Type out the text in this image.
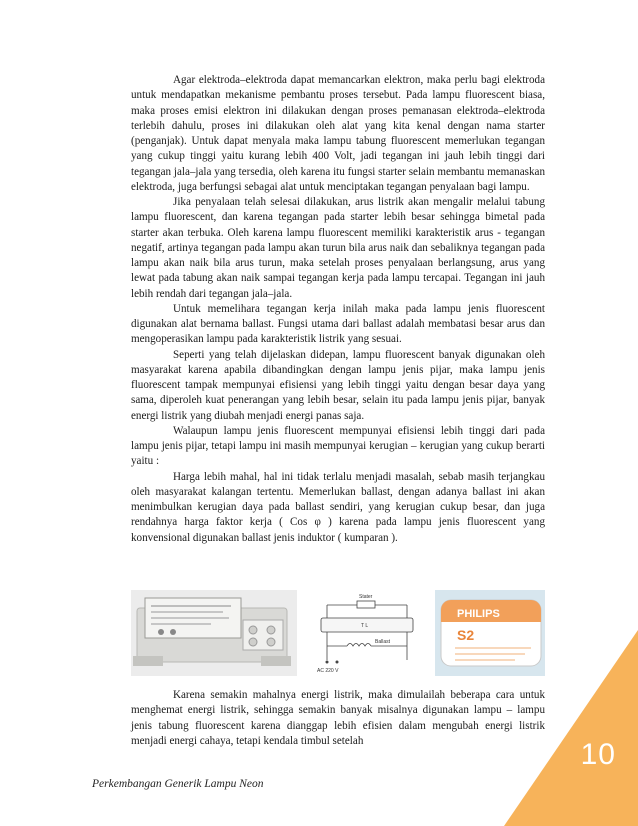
Agar elektroda–elektroda dapat memancarkan elektron, maka perlu bagi elektroda untuk mendapatkan mekanisme pembantu proses tersebut. Pada lampu fluorescent biasa, maka proses emisi elektron ini dilakukan dengan proses pemanasan elektroda–elektroda terlebih dahulu, proses ini dilakukan oleh alat yang kita kenal dengan nama starter (penganjak). Untuk dapat menyala maka lampu tabung fluorescent memerlukan tegangan yang cukup tinggi yaitu kurang lebih 400 Volt, jadi tegangan ini jauh lebih tinggi dari tegangan jala–jala yang tersedia, oleh karena itu fungsi starter selain membantu memanaskan elektroda, juga berfungsi sebagai alat untuk menciptakan tegangan penyalaan bagi lampu.

Jika penyalaan telah selesai dilakukan, arus listrik akan mengalir melalui tabung lampu fluorescent, dan karena tegangan pada starter lebih besar sehingga bimetal pada starter akan terbuka. Oleh karena lampu fluorescent memiliki karakteristik arus - tegangan negatif, artinya tegangan pada lampu akan turun bila arus naik dan sebaliknya tegangan pada lampu akan naik bila arus turun, maka setelah proses penyalaan berlangsung, arus yang lewat pada tabung akan naik sampai tegangan kerja pada lampu tercapai. Tegangan ini jauh lebih rendah dari tegangan jala–jala.

Untuk memelihara tegangan kerja inilah maka pada lampu jenis fluorescent digunakan alat bernama ballast. Fungsi utama dari ballast adalah membatasi besar arus dan mengoperasikan lampu pada karakteristik listrik yang sesuai.

Seperti yang telah dijelaskan didepan, lampu fluorescent banyak digunakan oleh masyarakat karena apabila dibandingkan dengan lampu jenis pijar, maka lampu jenis fluorescent tampak mempunyai efisiensi yang lebih tinggi yaitu dengan besar daya yang sama, diperoleh kuat penerangan yang lebih besar, selain itu pada lampu jenis pijar, banyak energi listrik yang diubah menjadi energi panas saja.

Walaupun lampu jenis fluorescent mempunyai efisiensi lebih tinggi dari pada lampu jenis pijar, tetapi lampu ini masih mempunyai kerugian – kerugian yang cukup berarti yaitu :

Harga lebih mahal, hal ini tidak terlalu menjadi masalah, sebab masih terjangkau oleh masyarakat kalangan tertentu. Memerlukan ballast, dengan adanya ballast ini akan menimbulkan kerugian daya pada ballast sendiri, yang kerugian cukup besar, dan juga rendahnya harga faktor kerja ( Cos φ ) karena pada lampu jenis fluorescent yang konvensional digunakan ballast jenis induktor ( kumparan ).

Stater
T L
Ballast
AC 220 V
PHILIPS
S2

Karena semakin mahalnya energi listrik, maka dimulailah beberapa cara untuk menghemat energi listrik, sehingga semakin banyak misalnya digunakan lampu – lampu jenis tabung fluorescent karena dianggap lebih efisien dalam mengubah energi listrik menjadi energi cahaya, tetapi kendala timbul setelah	10
Perkembangan Generik Lampu Neon
